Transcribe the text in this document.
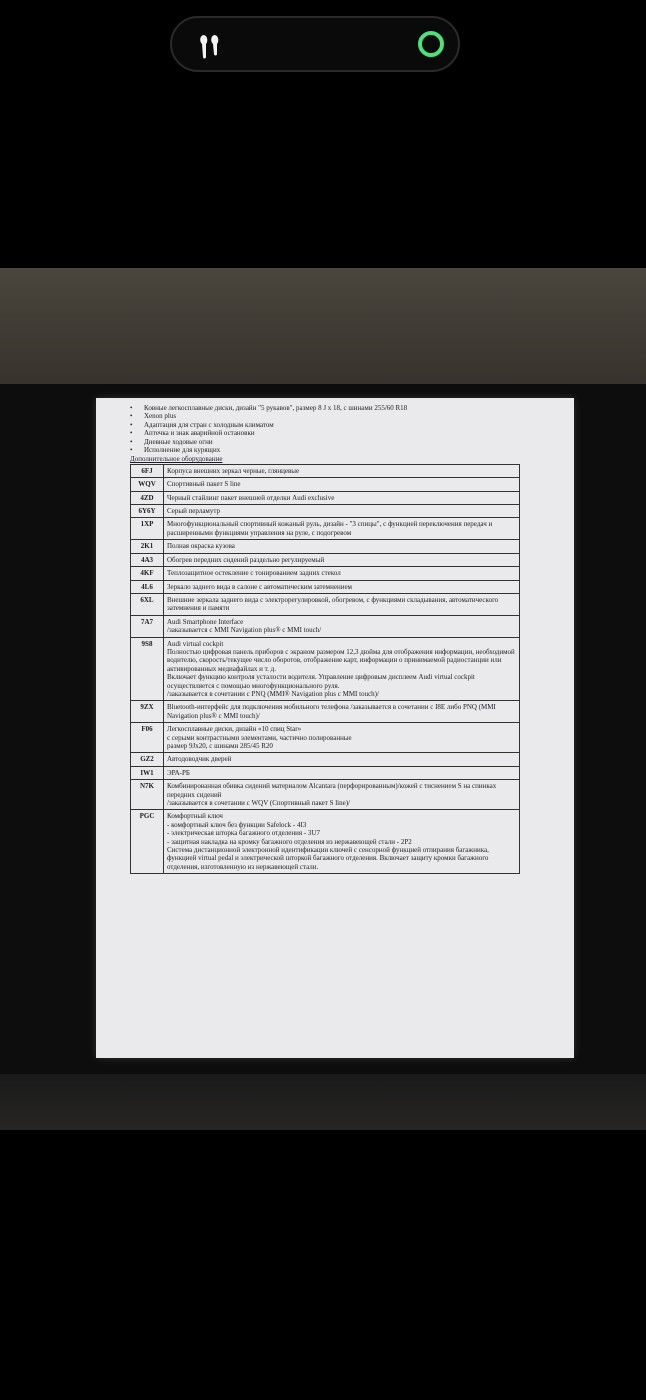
• Ковные легкосплавные диски, дизайн "5 рукавов", размер 8 J x 18, с шинами 255/60 R18
• Xenon plus
• Адаптация для стран с холодным климатом
• Аптечка и знак аварийной остановки
• Дневные ходовые огни
• Исполнение для курящих
Дополнительное оборудование
6FJ	Корпуса внешних зеркал черные, глянцевые
WQV	Спортивный пакет S line
4ZD	Черный стайлинг пакет внешней отделки Audi exclusive
6Y6Y	Серый перламутр
1XP	Многофункциональный спортивный кожаный руль, дизайн - "3 спицы", с функцией переключения передач и расширенными функциями управления на руле, с подогревом
2K1	Полная окраска кузова
4A3	Обогрев передних сидений раздельно регулируемый
4KF	Теплозащитное остекление с тонированием задних стекол
4L6	Зеркало заднего вида в салоне с автоматическим затемнением
6XL	Внешние зеркала заднего вида с электрорегулировкой, обогревом, с функциями складывания, автоматического затемнения и памяти
7A7	Audi Smartphone Interface
/заказывается с MMI Navigation plus® с MMI touch/
9S8	Audi virtual cockpit
Полностью цифровая панель приборов с экраном размером 12,3 дюйма для отображения информации, необходимой водителю, скорость/текущее число оборотов, отображение карт, информации о принимаемой радиостанции или активированных медиафайлах и т. д.
Включает функцию контроля усталости водителя. Управление цифровым дисплеем Audi virtual cockpit осуществляется с помощью многофункционального руля.
/заказывается в сочетании с PNQ (MMI® Navigation plus с MMI touch)/
9ZX	Bluetooth-интерфейс для подключения мобильного телефона /заказывается в сочетании с I8E либо PNQ (MMI Navigation plus® с MMI touch)/
F06	Легкосплавные диски, дизайн «10 спиц Star»
с серыми контрастными элементами, частично полированные
размер 9Jx20, с шинами 285/45 R20
GZ2	Автодоводчик дверей
IW1	ЭРА-РБ
N7K	Комбинированная обивка сидений материалом Alcantara (перфорированным)/кожей с тиснением S на спинках передних сидений
/заказывается в сочетании с WQV (Спортивный пакет S line)/
PGC	Комфортный ключ
- комфортный ключ без функции Safelock - 4I3
- электрическая шторка багажного отделения - 3U7
- защитная накладка на кромку багажного отделения из нержавеющей стали - 2P2
Система дистанционной электронной идентификации ключей с сенсорной функцией отпирания багажника, функцией virtual pedal и электрической шторкой багажного отделения. Включает защиту кромки багажного отделения, изготовленную из нержавеющей стали.
